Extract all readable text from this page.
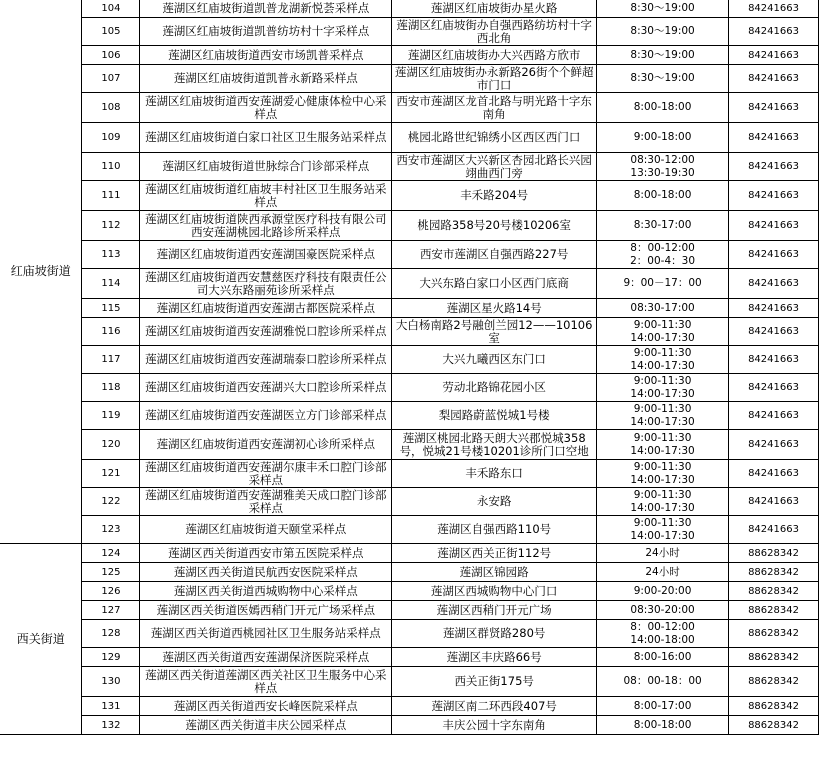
红庙坡街道	104	莲湖区红庙坡街道凯普龙湖新悦荟采样点	莲湖区红庙坡街办星火路	8:30～19:00	84241663
	105	莲湖区红庙坡街道凯普纺坊村十字采样点	莲湖区红庙坡街办自强西路纺坊村十字西北角	8:30～19:00	84241663
	106	莲湖区红庙坡街道西安市场凯普采样点	莲湖区红庙坡街办大兴西路方欣市	8:30～19:00	84241663
	107	莲湖区红庙坡街道凯普永新路采样点	莲湖区红庙坡街办永新路26街个个鲜超市门口	8:30～19:00	84241663
	108	莲湖区红庙坡街道西安莲湖爱心健康体检中心采样点	西安市莲湖区龙首北路与明光路十字东南角	8:00-18:00	84241663
	109	莲湖区红庙坡街道白家口社区卫生服务站采样点	桃园北路世纪锦绣小区西区西门口	9:00-18:00	84241663
	110	莲湖区红庙坡街道世脉综合门诊部采样点	西安市莲湖区大兴新区杏园北路长兴园翊曲西门旁	08:30-12:00
13:30-19:30	84241663
	111	莲湖区红庙坡街道红庙坡丰村社区卫生服务站采样点	丰禾路204号	8:00-18:00	84241663
	112	莲湖区红庙坡街道陕西承源堂医疗科技有限公司西安莲湖桃园北路诊所采样点	桃园路358号20号楼10206室	8:30-17:00	84241663
	113	莲湖区红庙坡街道西安莲湖国豪医院采样点	西安市莲湖区自强西路227号	8：00-12:00
2：00-4：30	84241663
	114	莲湖区红庙坡街道西安慧慈医疗科技有限责任公司大兴东路丽苑诊所采样点	大兴东路白家口小区西门底商	9：00－17：00	84241663
	115	莲湖区红庙坡街道西安莲湖古都医院采样点	莲湖区星火路14号	08:30-17:00	84241663
	116	莲湖区红庙坡街道西安莲湖雅悦口腔诊所采样点	大白杨南路2号融创兰园12——10106室	9:00-11:30
14:00-17:30	84241663
	117	莲湖区红庙坡街道西安莲湖瑞泰口腔诊所采样点	大兴九曦西区东门口	9:00-11:30
14:00-17:30	84241663
	118	莲湖区红庙坡街道西安莲湖兴大口腔诊所采样点	劳动北路锦花园小区	9:00-11:30
14:00-17:30	84241663
	119	莲湖区红庙坡街道西安莲湖医立方门诊部采样点	梨园路蔚蓝悦城1号楼	9:00-11:30
14:00-17:30	84241663
	120	莲湖区红庙坡街道西安莲湖初心诊所采样点	莲湖区桃园北路天朗大兴郡悦城358号，悦城21号楼10201诊所门口空地	9:00-11:30
14:00-17:30	84241663
	121	莲湖区红庙坡街道西安莲湖尔康丰禾口腔门诊部采样点	丰禾路东口	9:00-11:30
14:00-17:30	84241663
	122	莲湖区红庙坡街道西安莲湖雅美天成口腔门诊部采样点	永安路	9:00-11:30
14:00-17:30	84241663
	123	莲湖区红庙坡街道天颐堂采样点	莲湖区自强西路110号	9:00-11:30
14:00-17:30	84241663
西关街道	124	莲湖区西关街道西安市第五医院采样点	莲湖区西关正街112号	24小时	88628342
	125	莲湖区西关街道民航西安医院采样点	莲湖区锦园路	24小时	88628342
	126	莲湖区西关街道西城购物中心采样点	莲湖区西城购物中心门口	9:00-20:00	88628342
	127	莲湖区西关街道医嫣西稍门开元广场采样点	莲湖区西稍门开元广场	08:30-20:00	88628342
	128	莲湖区西关街道西桃园社区卫生服务站采样点	莲湖区群贤路280号	8：00-12:00
14:00-18:00	88628342
	129	莲湖区西关街道西安莲湖保济医院采样点	莲湖区丰庆路66号	8:00-16:00	88628342
	130	莲湖区西关街道莲湖区西关社区卫生服务中心采样点	西关正街175号	08：00-18：00	88628342
	131	莲湖区西关街道西安长峰医院采样点	莲湖区南二环西段407号	8:00-17:00	88628342
	132	莲湖区西关街道丰庆公园采样点	丰庆公园十字东南角	8:00-18:00	88628342
